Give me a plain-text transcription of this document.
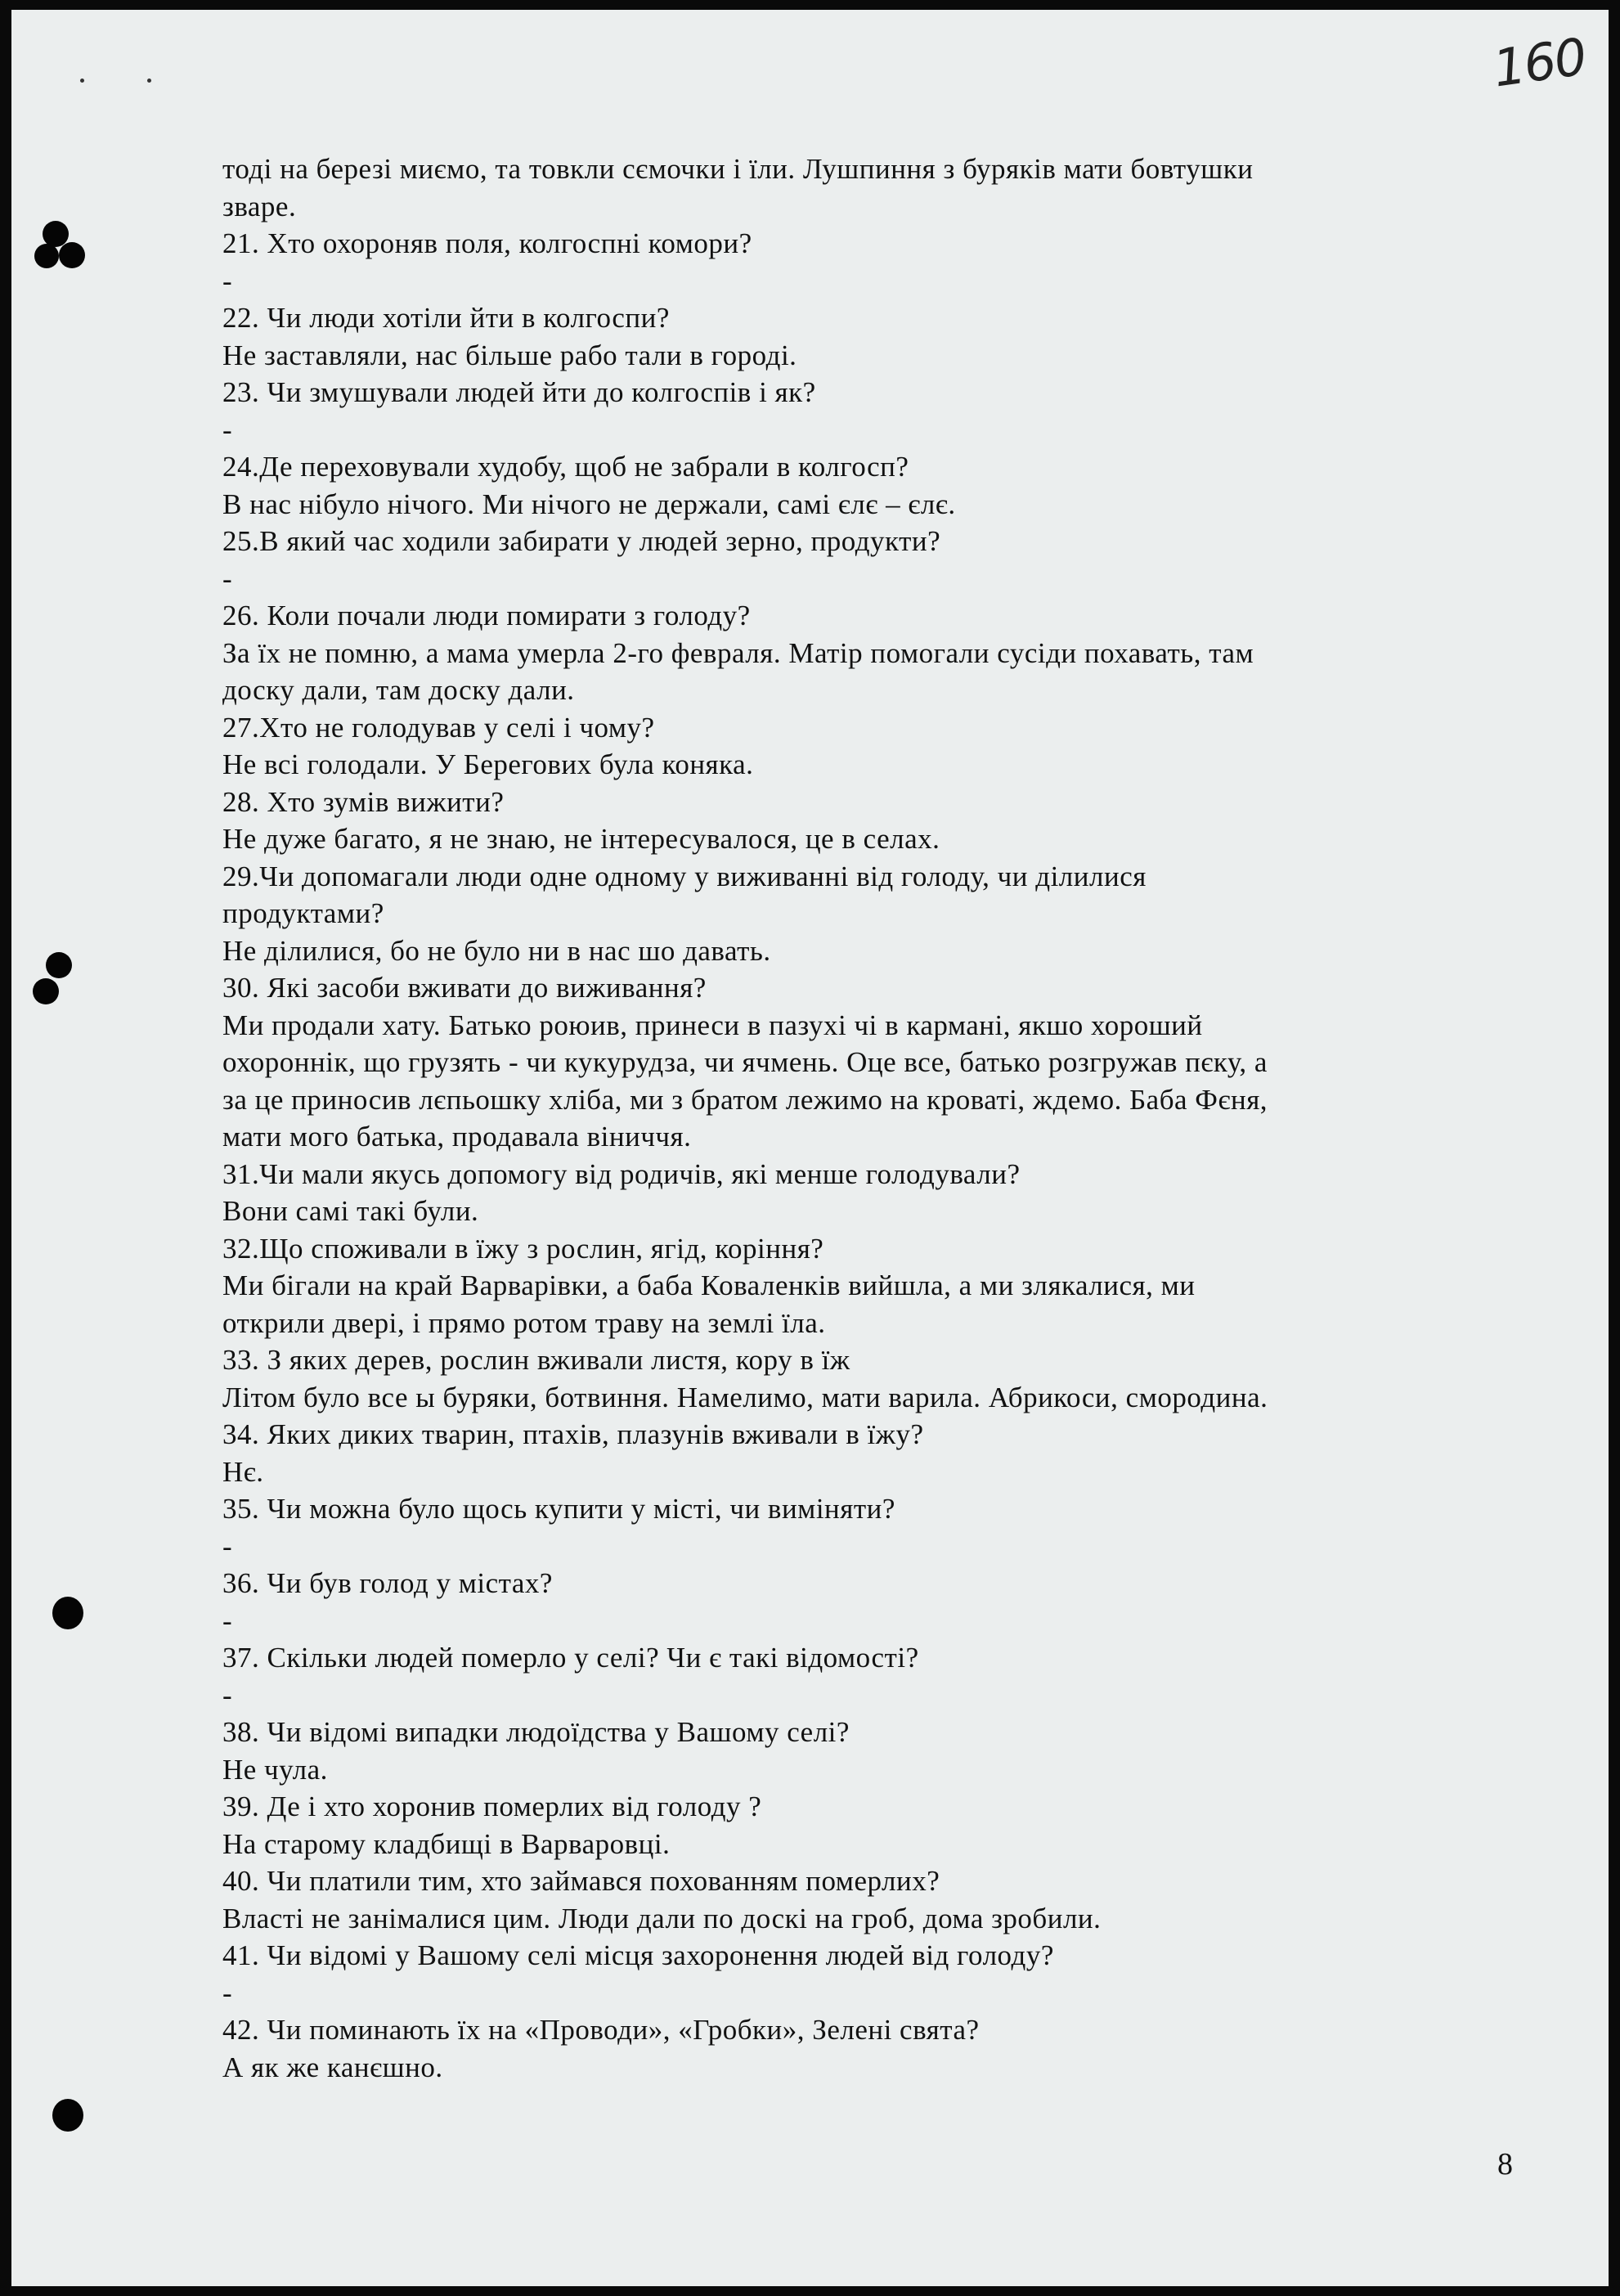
160
тоді на березі миємо, та товкли сємочки і їли. Лушпиння з буряків мати бовтушки
зваре.
21. Хто охороняв поля, колгоспні комори?
-
22. Чи люди хотіли йти в колгоспи?
Не заставляли, нас більше рабо тали в городі.
23. Чи змушували людей йти до колгоспів і як?
-
24.Де переховували худобу, щоб не забрали в колгосп?
В нас нібуло нічого. Ми нічого не держали, самі єлє – єлє.
25.В який час ходили забирати у людей зерно, продукти?
-
26. Коли почали люди помирати з голоду?
За їх не помню, а мама умерла 2-го февраля. Матір помогали сусіди похавать, там
доску дали, там доску дали.
27.Хто не голодував у селі і чому?
Не всі голодали. У Берегових була коняка.
28. Хто зумів вижити?
Не дуже багато, я не знаю, не інтересувалося, це в селах.
29.Чи допомагали люди одне одному у виживанні від голоду, чи ділилися
продуктами?
Не ділилися, бо не було ни в нас шо давать.
30. Які засоби вживати до виживання?
Ми продали хату. Батько роюив, принеси в пазухі чі в кармані, якшо хороший
охороннік, що грузять - чи кукурудза, чи ячмень. Оце все, батько розгружав пєку, а
за це приносив лєпьошку хліба, ми з братом лежимо на кроваті, ждемо. Баба Фєня,
мати мого батька, продавала віниччя.
31.Чи мали якусь допомогу від родичів, які менше голодували?
Вони самі такі були.
32.Що споживали в їжу з рослин, ягід, коріння?
Ми бігали на край Варварівки, а баба Коваленків вийшла, а ми злякалися, ми
открили двері, і прямо ротом траву на землі їла.
33. З яких дерев, рослин вживали листя, кору в їж
Літом було все ы буряки, ботвиння. Намелимо, мати варила. Абрикоси, смородина.
34. Яких диких тварин, птахів, плазунів вживали в їжу?
Нє.
35. Чи можна було щось купити у місті, чи виміняти?
-
36. Чи був голод у містах?
-
37. Скільки людей померло у селі? Чи є такі відомості?
-
38. Чи відомі випадки людоїдства у Вашому селі?
Не чула.
39. Де і хто хоронив померлих від голоду ?
На старому кладбищі в Варваровці.
40. Чи платили тим, хто займався похованням померлих?
Власті не занімалися цим. Люди дали по доскі на гроб, дома зробили.
41. Чи відомі у Вашому селі місця захоронення людей від голоду?
-
42. Чи поминають їх на «Проводи», «Гробки», Зелені свята?
А як же канєшно.
8
